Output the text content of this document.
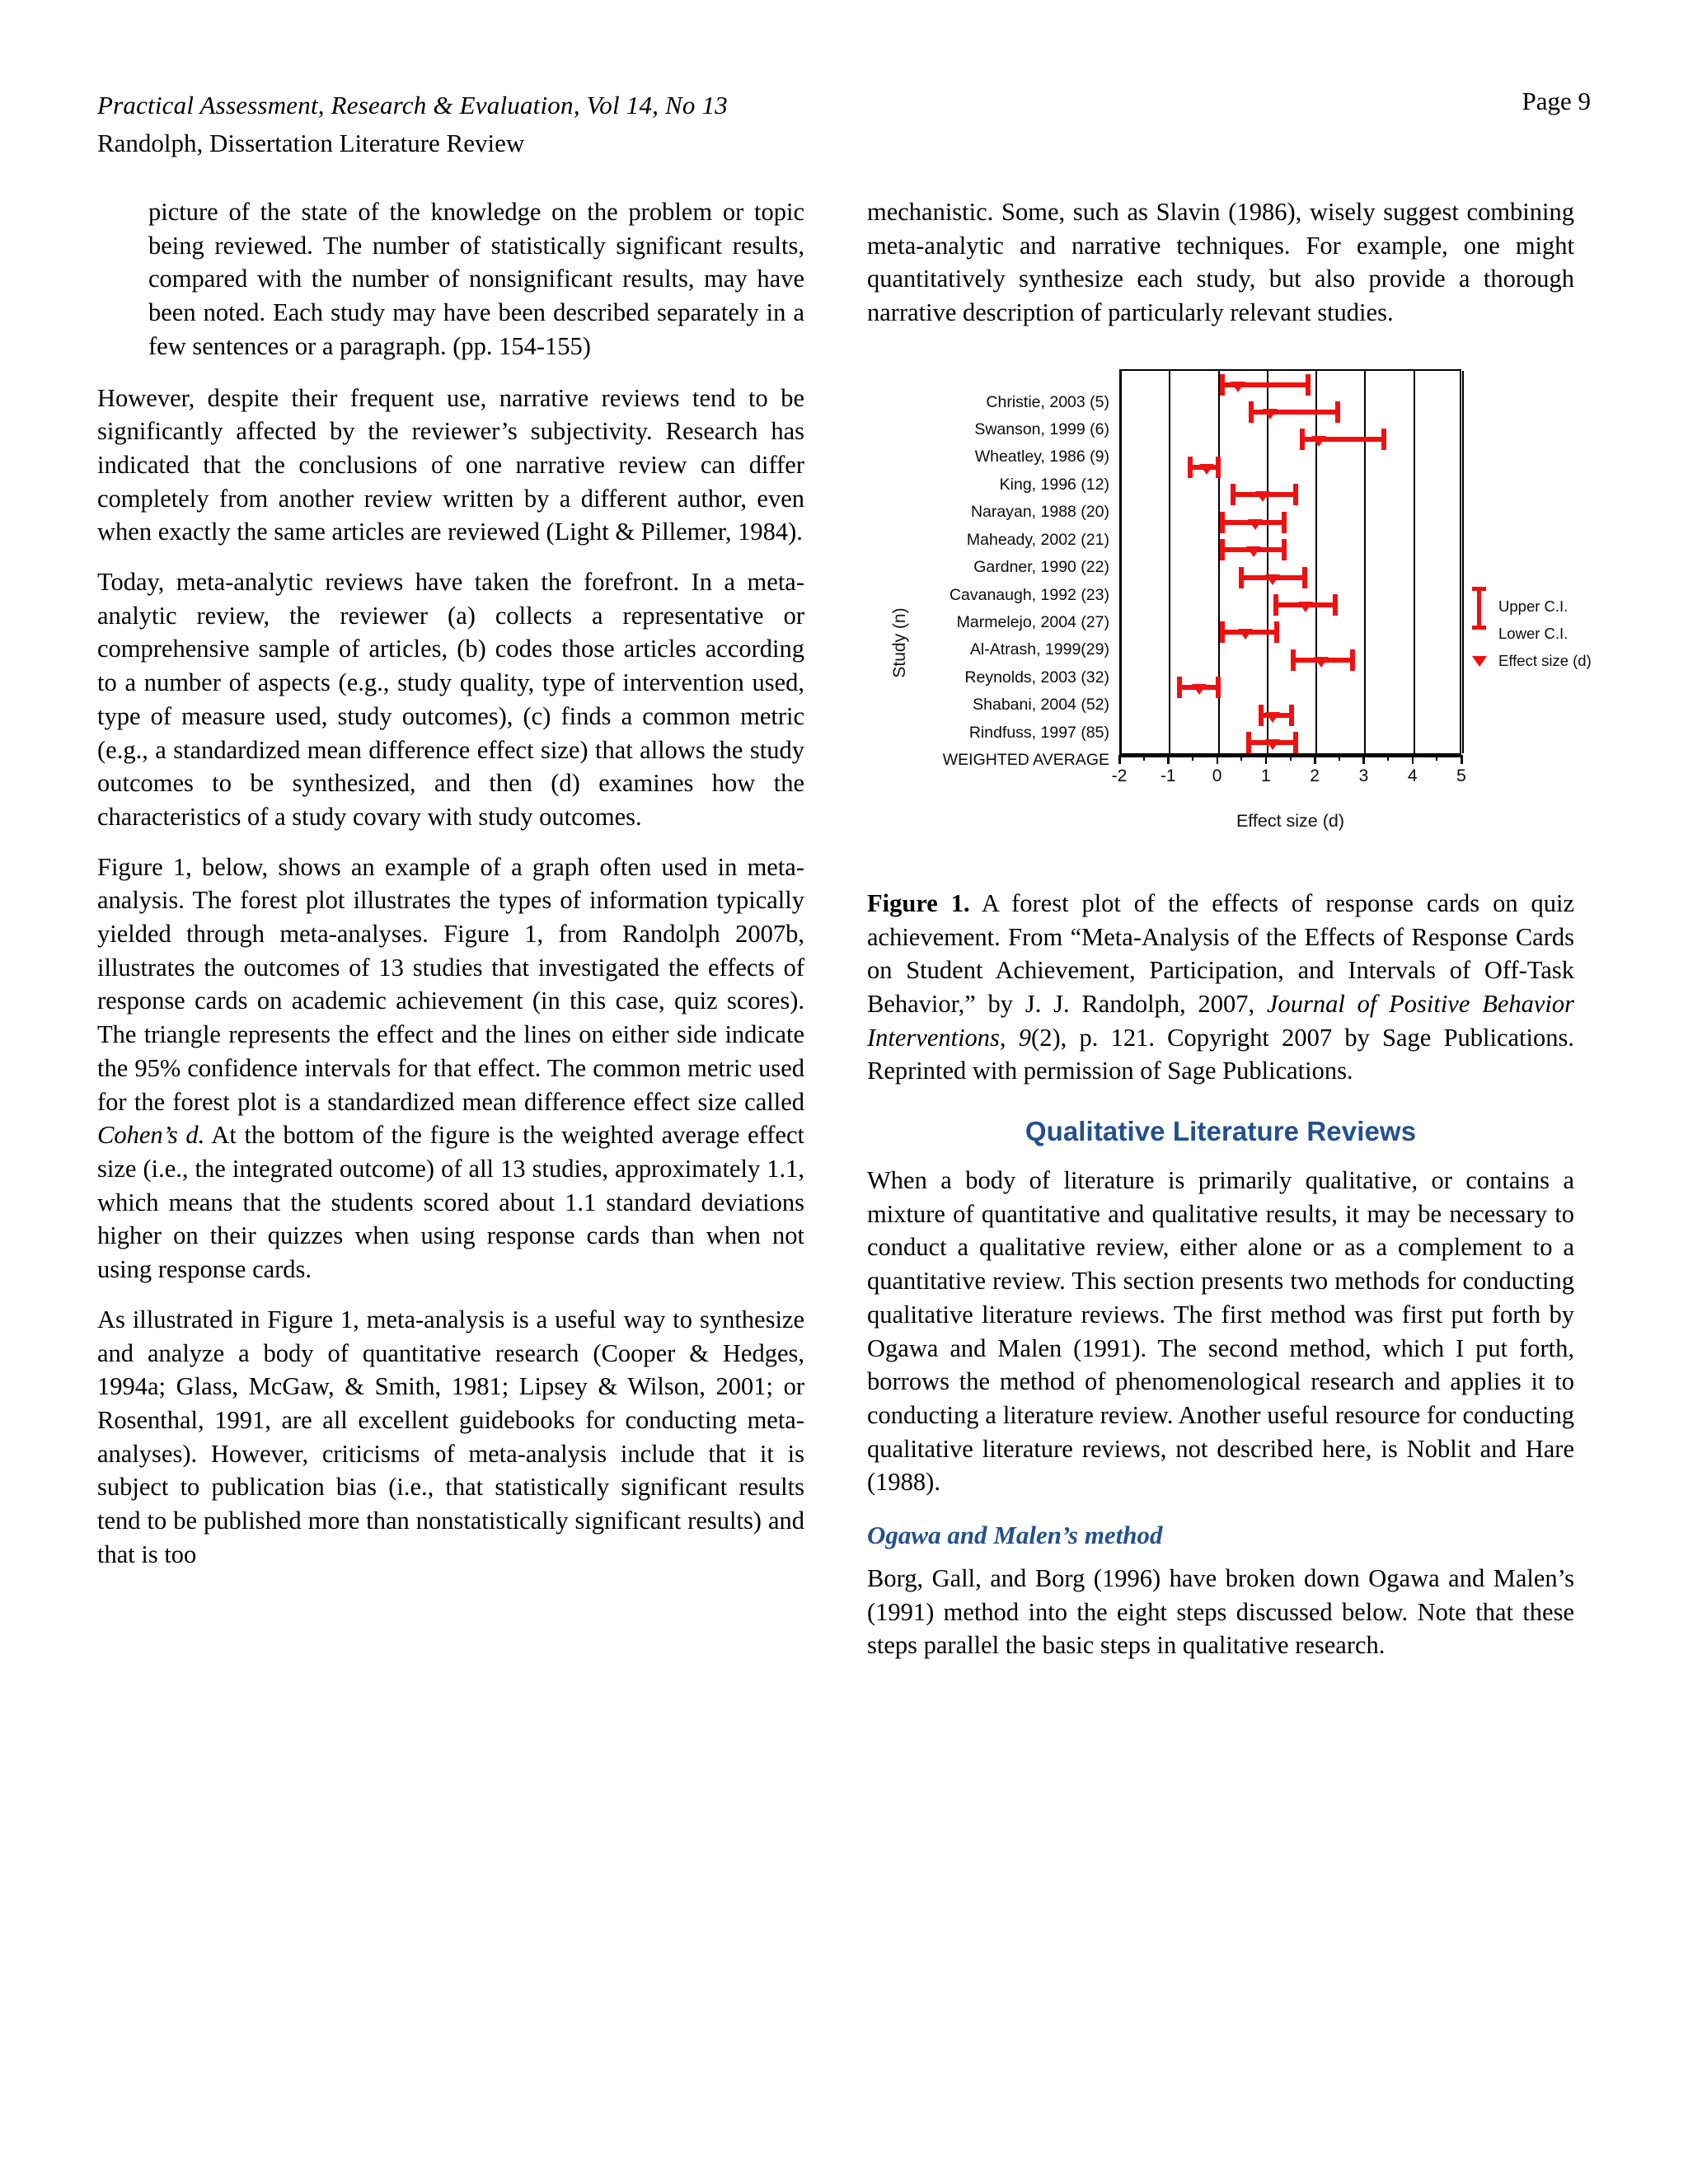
Practical Assessment, Research & Evaluation, Vol 14, No 13
Randolph, Dissertation Literature Review
Page 9

picture of the state of the knowledge on the problem or topic being reviewed. The number of statistically significant results, compared with the number of nonsignificant results, may have been noted. Each study may have been described separately in a few sentences or a paragraph. (pp. 154-155)

However, despite their frequent use, narrative reviews tend to be significantly affected by the reviewer’s subjectivity. Research has indicated that the conclusions of one narrative review can differ completely from another review written by a different author, even when exactly the same articles are reviewed (Light & Pillemer, 1984).

Today, meta-analytic reviews have taken the forefront. In a meta-analytic review, the reviewer (a) collects a representative or comprehensive sample of articles, (b) codes those articles according to a number of aspects (e.g., study quality, type of intervention used, type of measure used, study outcomes), (c) finds a common metric (e.g., a standardized mean difference effect size) that allows the study outcomes to be synthesized, and then (d) examines how the characteristics of a study covary with study outcomes.

Figure 1, below, shows an example of a graph often used in meta-analysis. The forest plot illustrates the types of information typically yielded through meta-analyses. Figure 1, from Randolph 2007b, illustrates the outcomes of 13 studies that investigated the effects of response cards on academic achievement (in this case, quiz scores). The triangle represents the effect and the lines on either side indicate the 95% confidence intervals for that effect. The common metric used for the forest plot is a standardized mean difference effect size called Cohen’s d. At the bottom of the figure is the weighted average effect size (i.e., the integrated outcome) of all 13 studies, approximately 1.1, which means that the students scored about 1.1 standard deviations higher on their quizzes when using response cards than when not using response cards.

As illustrated in Figure 1, meta-analysis is a useful way to synthesize and analyze a body of quantitative research (Cooper & Hedges, 1994a; Glass, McGaw, & Smith, 1981; Lipsey & Wilson, 2001; or Rosenthal, 1991, are all excellent guidebooks for conducting meta-analyses). However, criticisms of meta-analysis include that it is subject to publication bias (i.e., that statistically significant results tend to be published more than nonstatistically significant results) and that is too

mechanistic. Some, such as Slavin (1986), wisely suggest combining meta-analytic and narrative techniques. For example, one might quantitatively synthesize each study, but also provide a thorough narrative description of particularly relevant studies.

Study (n)
Christie, 2003 (5)
Swanson, 1999 (6)
Wheatley, 1986 (9)
King, 1996 (12)
Narayan, 1988 (20)
Maheady, 2002 (21)
Gardner, 1990 (22)
Cavanaugh, 1992 (23)
Marmelejo, 2004 (27)
Al-Atrash, 1999(29)
Reynolds, 2003 (32)
Shabani, 2004 (52)
Rindfuss, 1997 (85)
WEIGHTED AVERAGE
-2 -1 0 1 2 3 4 5
Effect size (d)
Upper C.I.
Lower C.I.
Effect size (d)

Figure 1. A forest plot of the effects of response cards on quiz achievement. From “Meta-Analysis of the Effects of Response Cards on Student Achievement, Participation, and Intervals of Off-Task Behavior,” by J. J. Randolph, 2007, Journal of Positive Behavior Interventions, 9(2), p. 121. Copyright 2007 by Sage Publications. Reprinted with permission of Sage Publications.

Qualitative Literature Reviews

When a body of literature is primarily qualitative, or contains a mixture of quantitative and qualitative results, it may be necessary to conduct a qualitative review, either alone or as a complement to a quantitative review. This section presents two methods for conducting qualitative literature reviews. The first method was first put forth by Ogawa and Malen (1991). The second method, which I put forth, borrows the method of phenomenological research and applies it to conducting a literature review. Another useful resource for conducting qualitative literature reviews, not described here, is Noblit and Hare (1988).

Ogawa and Malen’s method

Borg, Gall, and Borg (1996) have broken down Ogawa and Malen’s (1991) method into the eight steps discussed below. Note that these steps parallel the basic steps in qualitative research.
